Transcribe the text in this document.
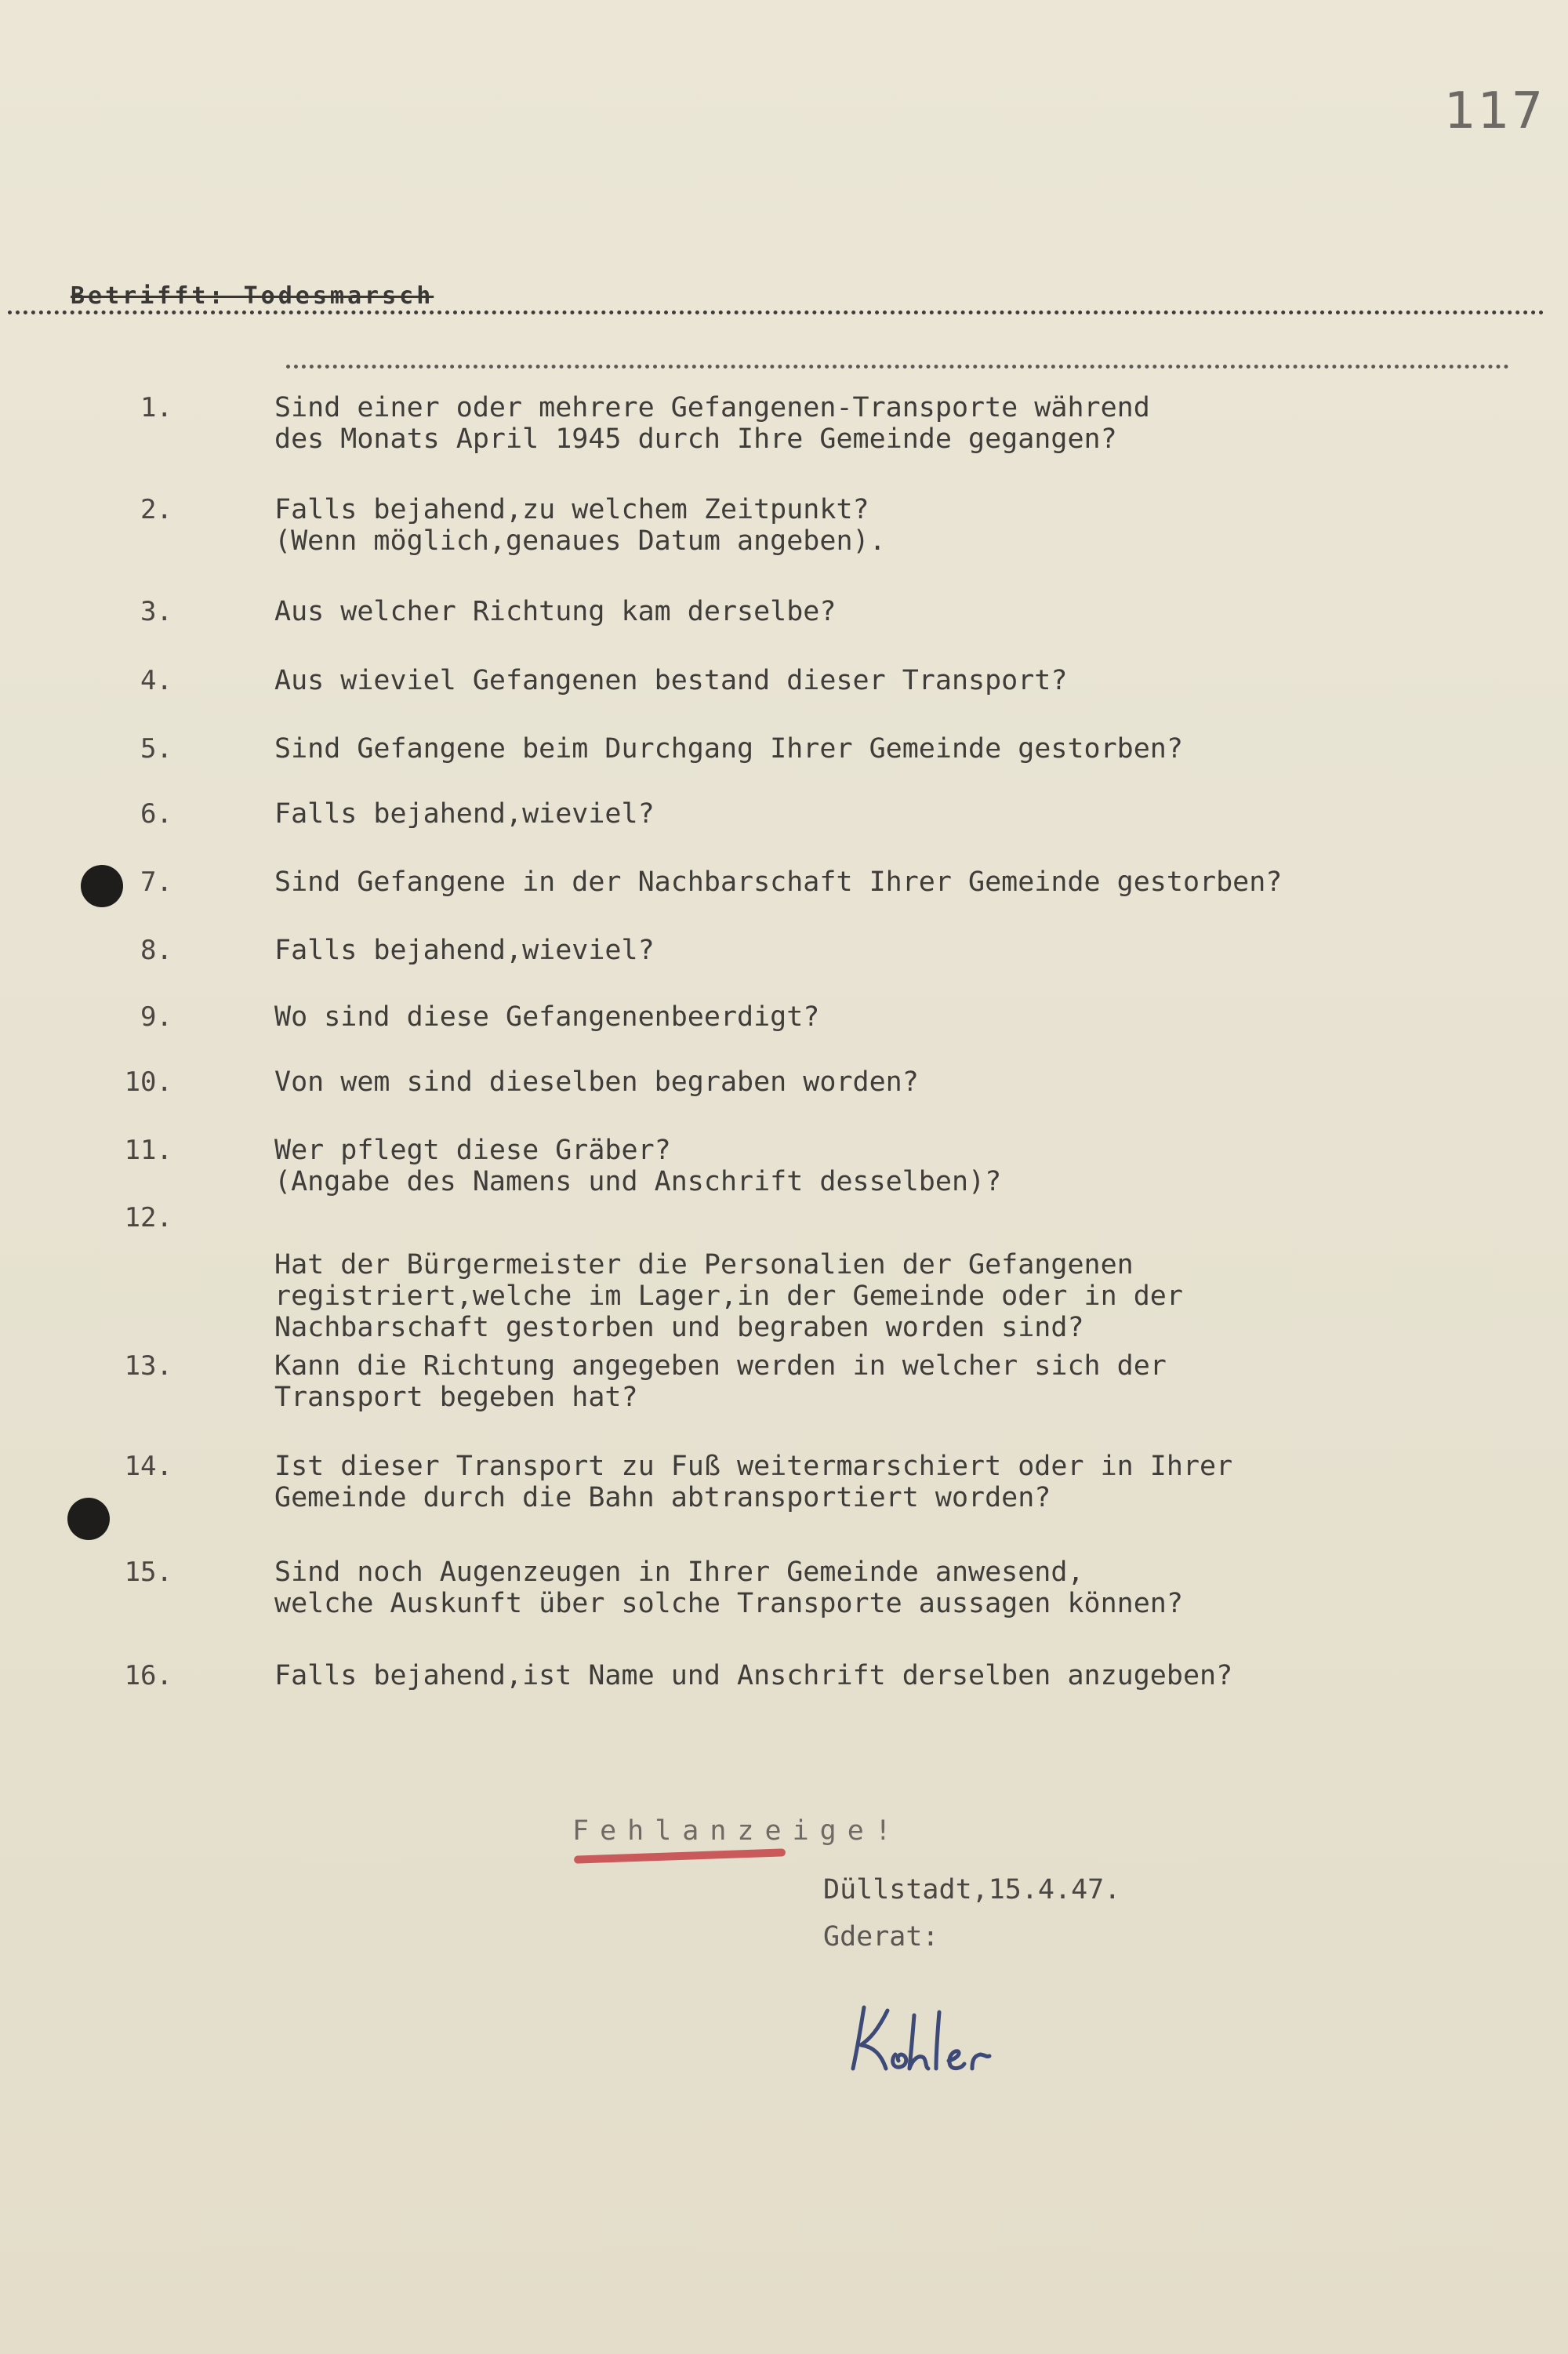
117
Betrifft: Todesmarsch
1.	Sind einer oder mehrere Gefangenen-Transporte während
des Monats April 1945 durch Ihre Gemeinde gegangen?
2.	Falls bejahend,zu welchem Zeitpunkt?
(Wenn möglich,genaues Datum angeben).
3.	Aus welcher Richtung kam derselbe?
4.	Aus wieviel Gefangenen bestand dieser Transport?
5.	Sind Gefangene beim Durchgang Ihrer Gemeinde gestorben?
6.	Falls bejahend,wieviel?
7.	Sind Gefangene in der Nachbarschaft Ihrer Gemeinde gestorben?
8.	Falls bejahend,wieviel?
9.	Wo sind diese Gefangenenbeerdigt?
10.	Von wem sind dieselben begraben worden?
11.	Wer pflegt diese Gräber?
(Angabe des Namens und Anschrift desselben)?
12.
Hat der Bürgermeister die Personalien der Gefangenen
registriert,welche im Lager,in der Gemeinde oder in der
Nachbarschaft gestorben und begraben worden sind?
13.	Kann die Richtung angegeben werden in welcher sich der
Transport begeben hat?
14.	Ist dieser Transport zu Fuß weitermarschiert oder in Ihrer
Gemeinde durch die Bahn abtransportiert worden?
15.	Sind noch Augenzeugen in Ihrer Gemeinde anwesend,
welche Auskunft über solche Transporte aussagen können?
16.	Falls bejahend,ist Name und Anschrift derselben anzugeben?
Fehlanzeige!
Düllstadt,15.4.47.
Gderat:
